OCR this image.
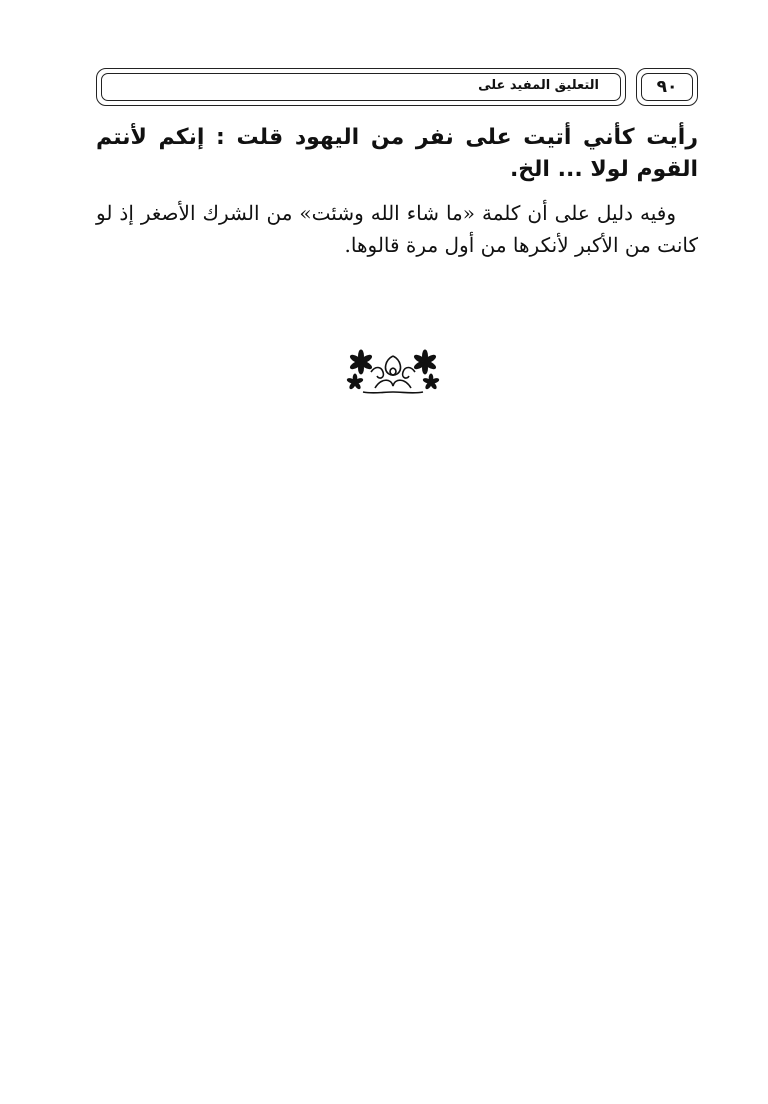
التعليق المفيد على	٩٠
رأيت كأني أتيت على نفر من اليهود قلت : إنكم لأنتم القوم لولا ... الخ.
وفيه دليل على أن كلمة «ما شاء الله وشئت» من الشرك الأصغر إذ لو كانت من الأكبر لأنكرها من أول مرة قالوها.
